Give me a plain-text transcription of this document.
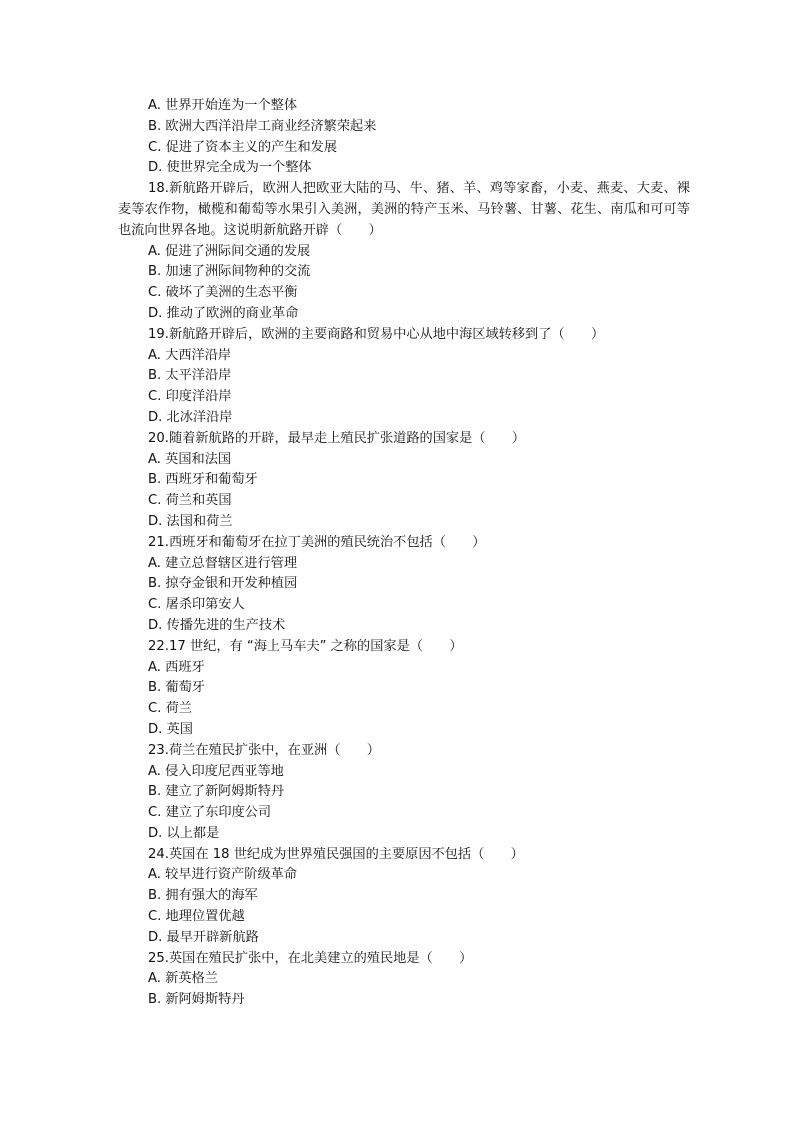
A. 世界开始连为一个整体
B. 欧洲大西洋沿岸工商业经济繁荣起来
C. 促进了资本主义的产生和发展
D. 使世界完全成为一个整体
18.新航路开辟后，欧洲人把欧亚大陆的马、牛、猪、羊、鸡等家畜，小麦、燕麦、大麦、裸麦等农作物，橄榄和葡萄等水果引入美洲，美洲的特产玉米、马铃薯、甘薯、花生、南瓜和可可等也流向世界各地。这说明新航路开辟（　　）
A. 促进了洲际间交通的发展
B. 加速了洲际间物种的交流
C. 破坏了美洲的生态平衡
D. 推动了欧洲的商业革命
19.新航路开辟后，欧洲的主要商路和贸易中心从地中海区域转移到了（　　）
A. 大西洋沿岸
B. 太平洋沿岸
C. 印度洋沿岸
D. 北冰洋沿岸
20.随着新航路的开辟，最早走上殖民扩张道路的国家是（　　）
A. 英国和法国
B. 西班牙和葡萄牙
C. 荷兰和英国
D. 法国和荷兰
21.西班牙和葡萄牙在拉丁美洲的殖民统治不包括（　　）
A. 建立总督辖区进行管理
B. 掠夺金银和开发种植园
C. 屠杀印第安人
D. 传播先进的生产技术
22.17 世纪，有 “海上马车夫” 之称的国家是（　　）
A. 西班牙
B. 葡萄牙
C. 荷兰
D. 英国
23.荷兰在殖民扩张中，在亚洲（　　）
A. 侵入印度尼西亚等地
B. 建立了新阿姆斯特丹
C. 建立了东印度公司
D. 以上都是
24.英国在 18 世纪成为世界殖民强国的主要原因不包括（　　）
A. 较早进行资产阶级革命
B. 拥有强大的海军
C. 地理位置优越
D. 最早开辟新航路
25.英国在殖民扩张中，在北美建立的殖民地是（　　）
A. 新英格兰
B. 新阿姆斯特丹
